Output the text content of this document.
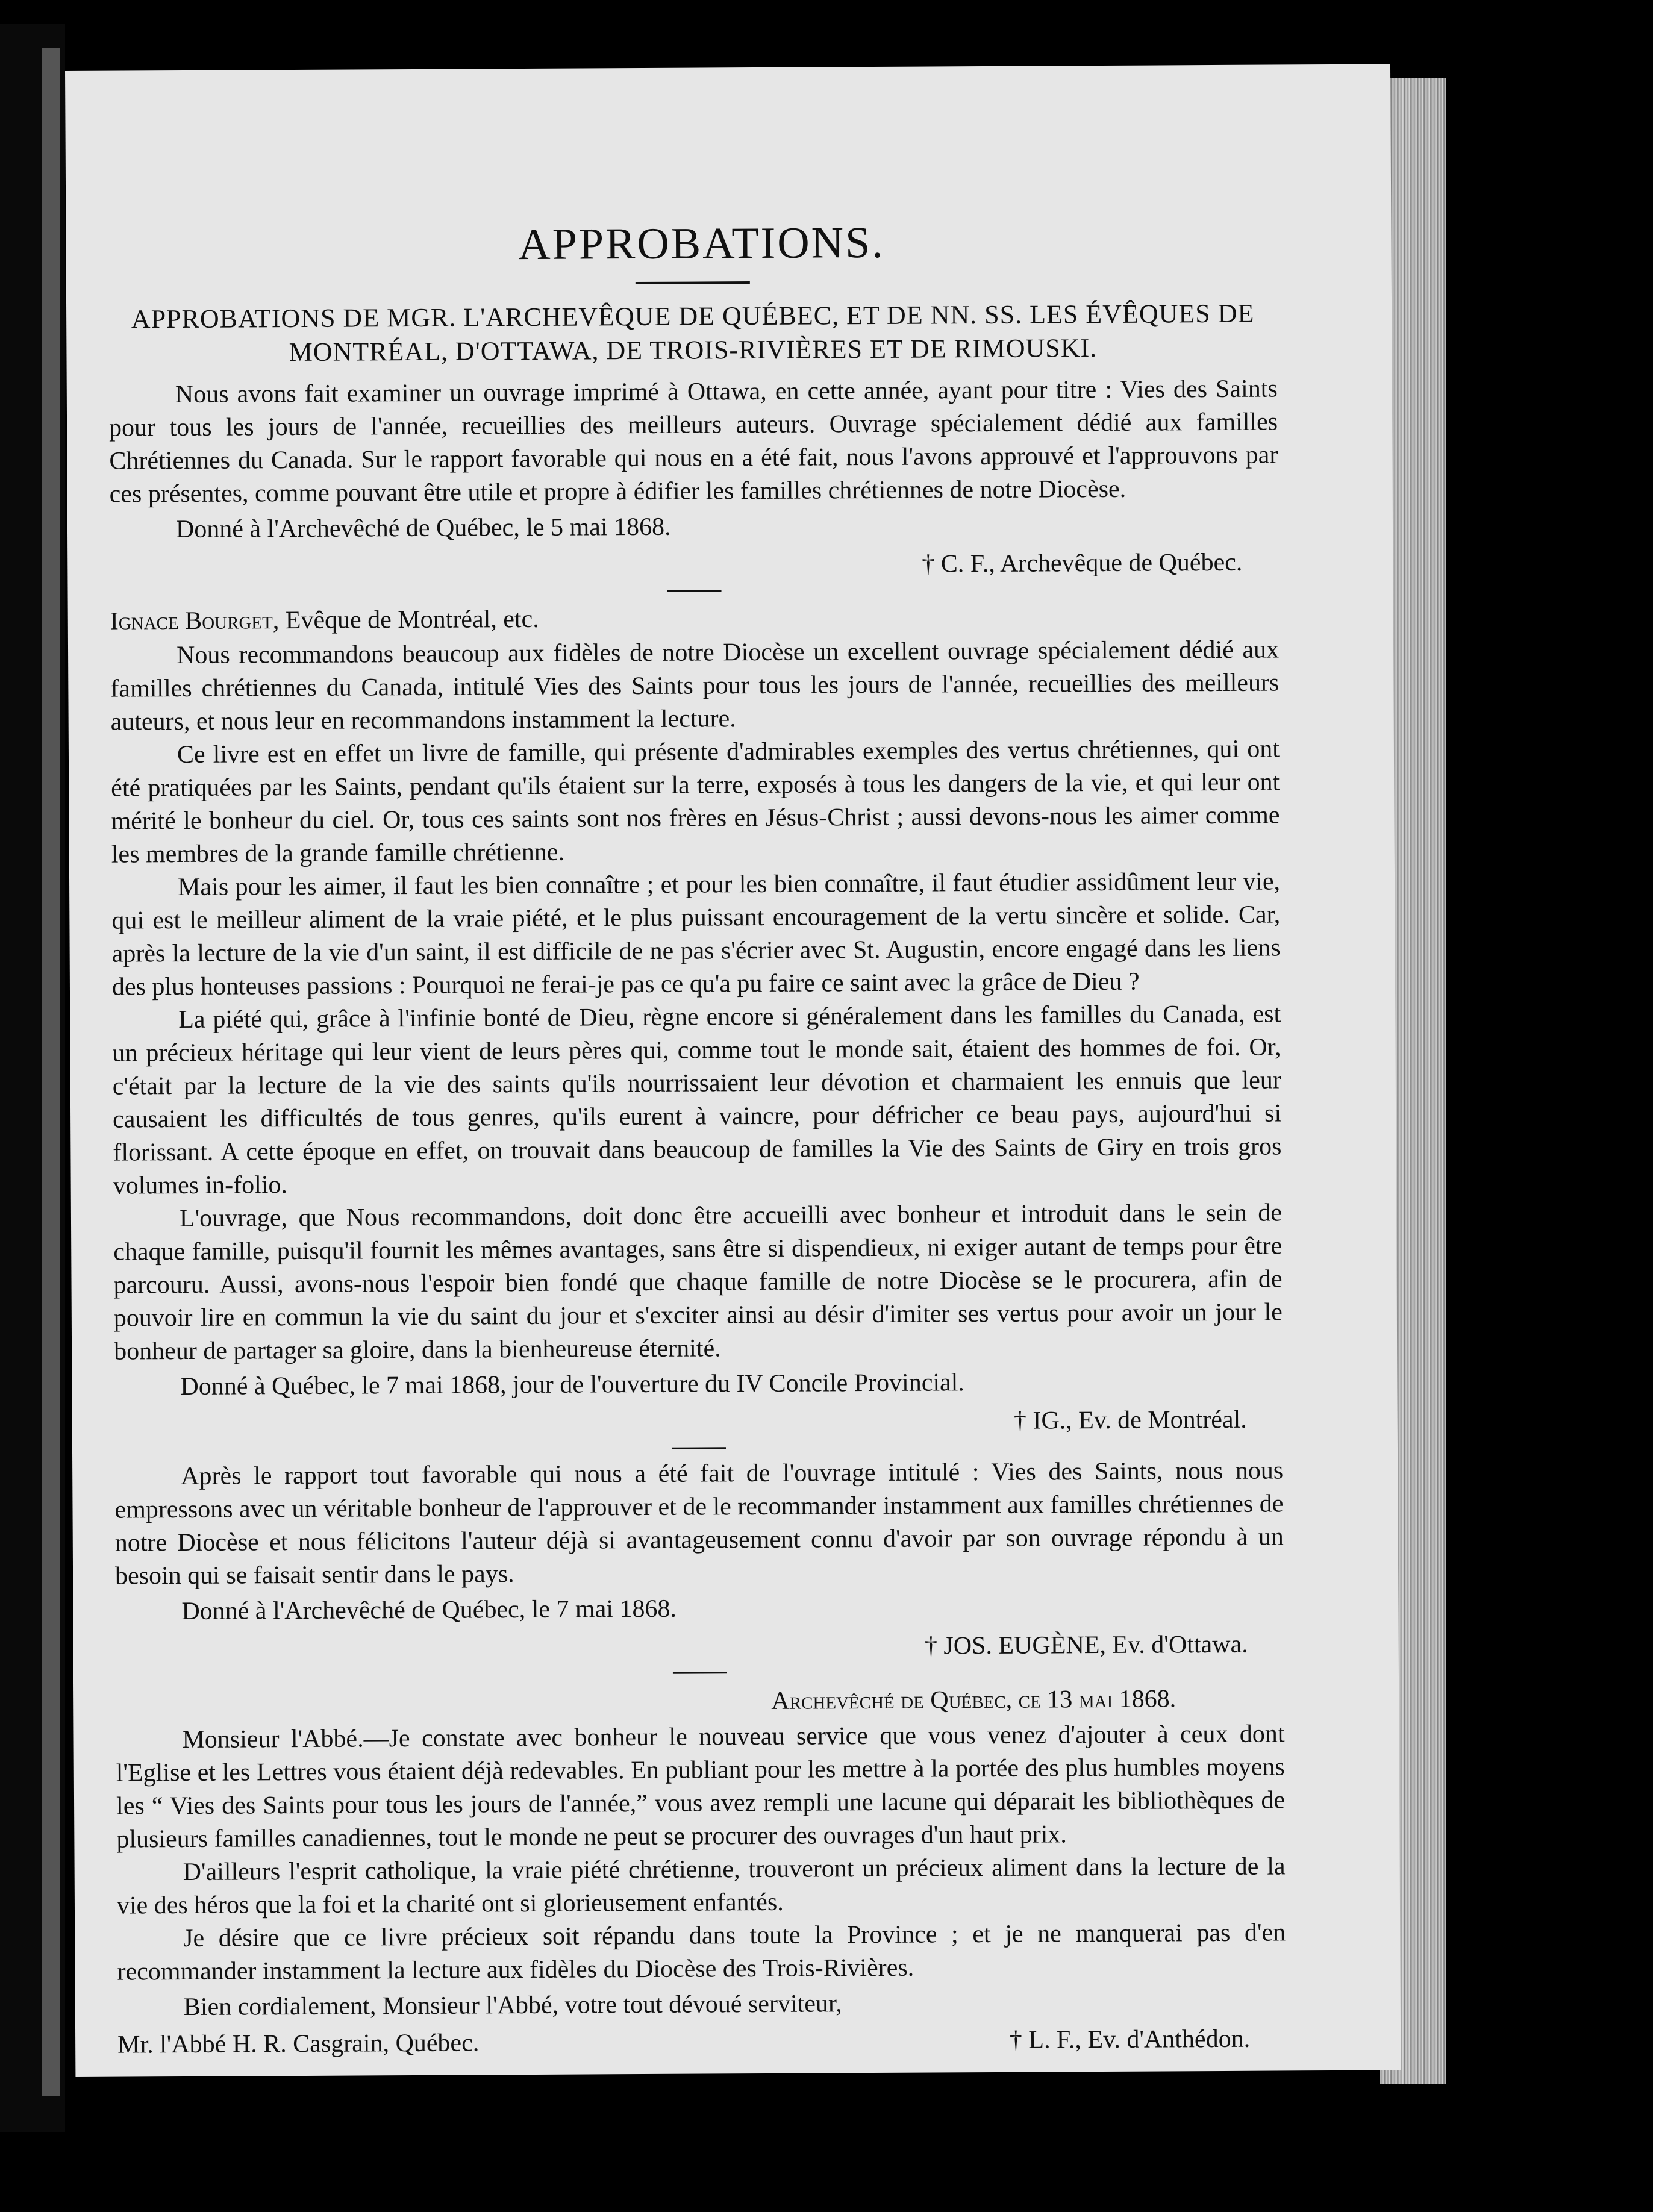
APPROBATIONS.
APPROBATIONS DE MGR. L'ARCHEVÊQUE DE QUÉBEC, ET DE NN. SS. LES ÉVÊQUES DE
MONTRÉAL, D'OTTAWA, DE TROIS-RIVIÈRES ET DE RIMOUSKI.

Nous avons fait examiner un ouvrage imprimé à Ottawa, en cette année, ayant pour titre : Vies des Saints pour tous les jours de l'année, recueillies des meilleurs auteurs. Ouvrage spécialement dédié aux familles Chrétiennes du Canada. Sur le rapport favorable qui nous en a été fait, nous l'avons approuvé et l'approuvons par ces présentes, comme pouvant être utile et propre à édifier les familles chrétiennes de notre Diocèse.

Donné à l'Archevêché de Québec, le 5 mai 1868.
† C. F., Archevêque de Québec.
Ignace Bourget, Evêque de Montréal, etc.

Nous recommandons beaucoup aux fidèles de notre Diocèse un excellent ouvrage spécialement dédié aux familles chrétiennes du Canada, intitulé Vies des Saints pour tous les jours de l'année, recueillies des meilleurs auteurs, et nous leur en recommandons instamment la lecture.

Ce livre est en effet un livre de famille, qui présente d'admirables exemples des vertus chrétiennes, qui ont été pratiquées par les Saints, pendant qu'ils étaient sur la terre, exposés à tous les dangers de la vie, et qui leur ont mérité le bonheur du ciel. Or, tous ces saints sont nos frères en Jésus-Christ ; aussi devons-nous les aimer comme les membres de la grande famille chrétienne.

Mais pour les aimer, il faut les bien connaître ; et pour les bien connaître, il faut étudier assidûment leur vie, qui est le meilleur aliment de la vraie piété, et le plus puissant encouragement de la vertu sincère et solide. Car, après la lecture de la vie d'un saint, il est difficile de ne pas s'écrier avec St. Augustin, encore engagé dans les liens des plus honteuses passions : Pourquoi ne ferai-je pas ce qu'a pu faire ce saint avec la grâce de Dieu ?

La piété qui, grâce à l'infinie bonté de Dieu, règne encore si généralement dans les familles du Canada, est un précieux héritage qui leur vient de leurs pères qui, comme tout le monde sait, étaient des hommes de foi. Or, c'était par la lecture de la vie des saints qu'ils nourrissaient leur dévotion et charmaient les ennuis que leur causaient les difficultés de tous genres, qu'ils eurent à vaincre, pour défricher ce beau pays, aujourd'hui si florissant. A cette époque en effet, on trouvait dans beaucoup de familles la Vie des Saints de Giry en trois gros volumes in-folio.

L'ouvrage, que Nous recommandons, doit donc être accueilli avec bonheur et introduit dans le sein de chaque famille, puisqu'il fournit les mêmes avantages, sans être si dispendieux, ni exiger autant de temps pour être parcouru. Aussi, avons-nous l'espoir bien fondé que chaque famille de notre Diocèse se le procurera, afin de pouvoir lire en commun la vie du saint du jour et s'exciter ainsi au désir d'imiter ses vertus pour avoir un jour le bonheur de partager sa gloire, dans la bienheureuse éternité.

Donné à Québec, le 7 mai 1868, jour de l'ouverture du IV Concile Provincial.
† IG., Ev. de Montréal.

Après le rapport tout favorable qui nous a été fait de l'ouvrage intitulé : Vies des Saints, nous nous empressons avec un véritable bonheur de l'approuver et de le recommander instamment aux familles chrétiennes de notre Diocèse et nous félicitons l'auteur déjà si avantageusement connu d'avoir par son ouvrage répondu à un besoin qui se faisait sentir dans le pays.

Donné à l'Archevêché de Québec, le 7 mai 1868.
† JOS. EUGÈNE, Ev. d'Ottawa.
Archevêché de Québec, ce 13 mai 1868.

Monsieur l'Abbé.—Je constate avec bonheur le nouveau service que vous venez d'ajouter à ceux dont l'Eglise et les Lettres vous étaient déjà redevables. En publiant pour les mettre à la portée des plus humbles moyens les “ Vies des Saints pour tous les jours de l'année,” vous avez rempli une lacune qui déparait les bibliothèques de plusieurs familles canadiennes, tout le monde ne peut se procurer des ouvrages d'un haut prix.

D'ailleurs l'esprit catholique, la vraie piété chrétienne, trouveront un précieux aliment dans la lecture de la vie des héros que la foi et la charité ont si glorieusement enfantés.

Je désire que ce livre précieux soit répandu dans toute la Province ; et je ne manquerai pas d'en recommander instamment la lecture aux fidèles du Diocèse des Trois-Rivières.

Bien cordialement, Monsieur l'Abbé, votre tout dévoué serviteur,
Mr. l'Abbé H. R. Casgrain, Québec.	† L. F., Ev. d'Anthédon.
